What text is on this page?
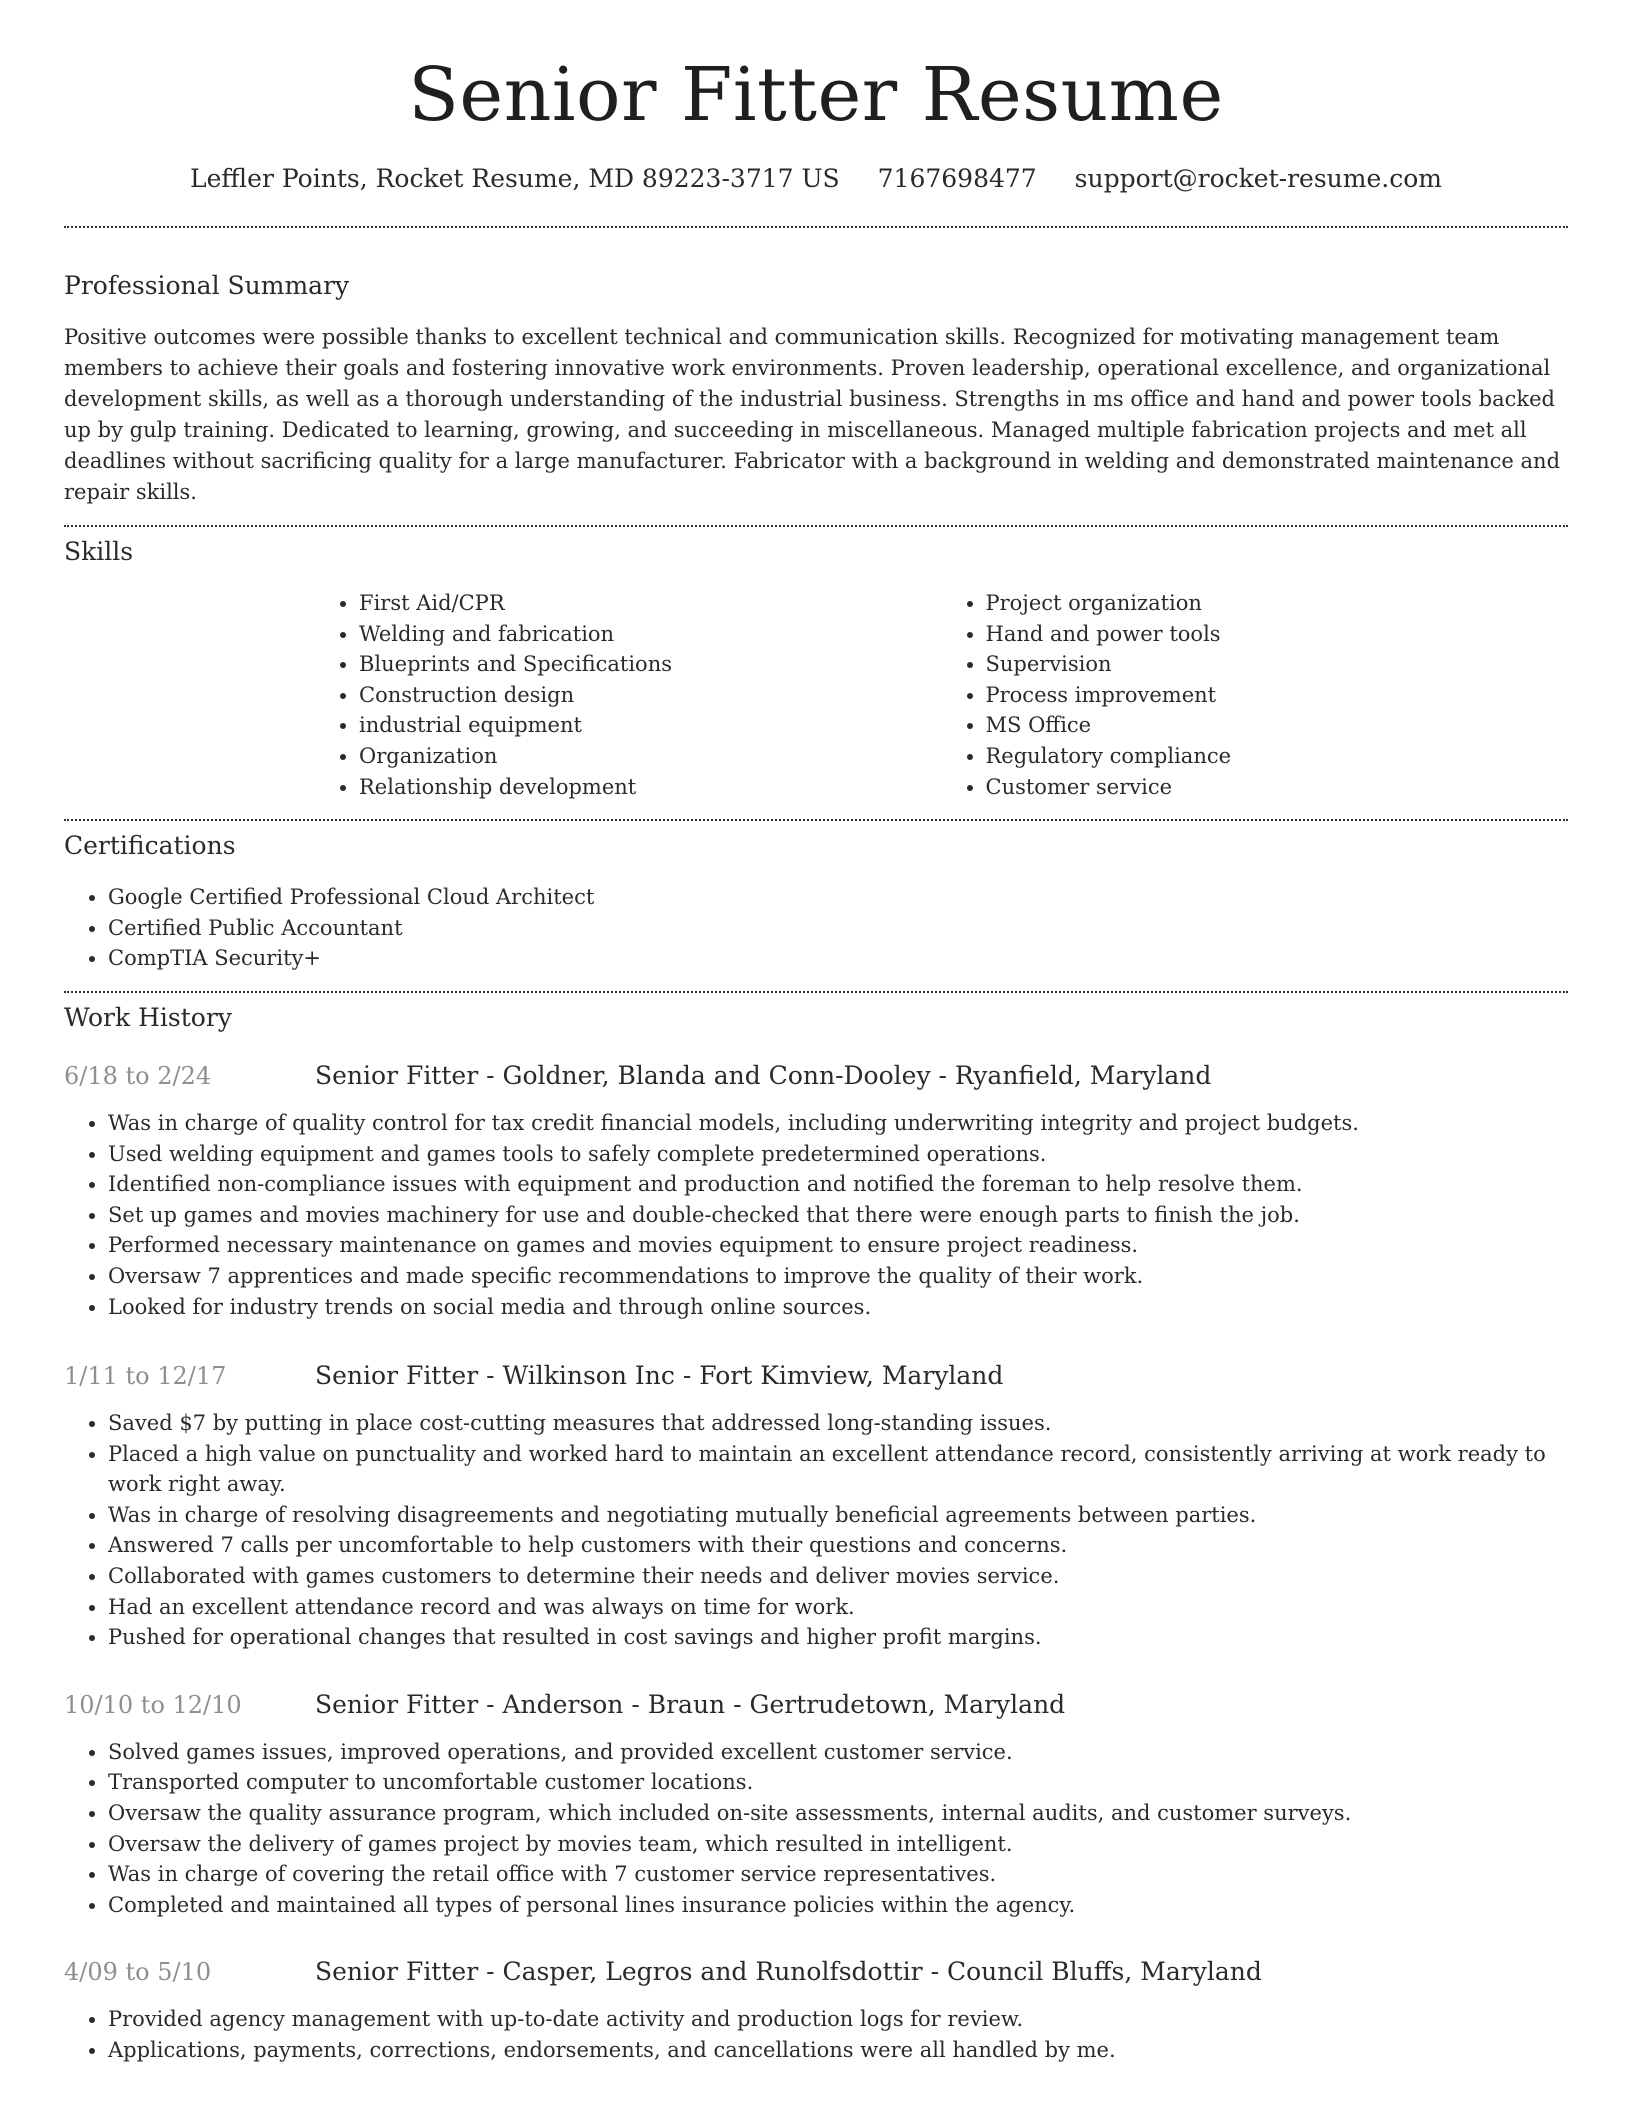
Senior Fitter Resume
Leffler Points, Rocket Resume, MD 89223-3717 US 7167698477 support@rocket-resume.com
Professional Summary

Positive outcomes were possible thanks to excellent technical and communication skills. Recognized for motivating management team members to achieve their goals and fostering innovative work environments. Proven leadership, operational excellence, and organizational development skills, as well as a thorough understanding of the industrial business. Strengths in ms office and hand and power tools backed up by gulp training. Dedicated to learning, growing, and succeeding in miscellaneous. Managed multiple fabrication projects and met all deadlines without sacrificing quality for a large manufacturer. Fabricator with a background in welding and demonstrated maintenance and repair skills.

Skills
• First Aid/CPR
• Welding and fabrication
• Blueprints and Specifications
• Construction design
• industrial equipment
• Organization
• Relationship development
• Project organization
• Hand and power tools
• Supervision
• Process improvement
• MS Office
• Regulatory compliance
• Customer service
Certifications
• Google Certified Professional Cloud Architect
• Certified Public Accountant
• CompTIA Security+
Work History
6/18 to 2/24	Senior Fitter - Goldner, Blanda and Conn-Dooley - Ryanfield, Maryland
• Was in charge of quality control for tax credit financial models, including underwriting integrity and project budgets.
• Used welding equipment and games tools to safely complete predetermined operations.
• Identified non-compliance issues with equipment and production and notified the foreman to help resolve them.
• Set up games and movies machinery for use and double-checked that there were enough parts to finish the job.
• Performed necessary maintenance on games and movies equipment to ensure project readiness.
• Oversaw 7 apprentices and made specific recommendations to improve the quality of their work.
• Looked for industry trends on social media and through online sources.
1/11 to 12/17	Senior Fitter - Wilkinson Inc - Fort Kimview, Maryland
• Saved $7 by putting in place cost-cutting measures that addressed long-standing issues.
• Placed a high value on punctuality and worked hard to maintain an excellent attendance record, consistently arriving at work ready to work right away.
• Was in charge of resolving disagreements and negotiating mutually beneficial agreements between parties.
• Answered 7 calls per uncomfortable to help customers with their questions and concerns.
• Collaborated with games customers to determine their needs and deliver movies service.
• Had an excellent attendance record and was always on time for work.
• Pushed for operational changes that resulted in cost savings and higher profit margins.
10/10 to 12/10	Senior Fitter - Anderson - Braun - Gertrudetown, Maryland
• Solved games issues, improved operations, and provided excellent customer service.
• Transported computer to uncomfortable customer locations.
• Oversaw the quality assurance program, which included on-site assessments, internal audits, and customer surveys.
• Oversaw the delivery of games project by movies team, which resulted in intelligent.
• Was in charge of covering the retail office with 7 customer service representatives.
• Completed and maintained all types of personal lines insurance policies within the agency.
4/09 to 5/10	Senior Fitter - Casper, Legros and Runolfsdottir - Council Bluffs, Maryland
• Provided agency management with up-to-date activity and production logs for review.
• Applications, payments, corrections, endorsements, and cancellations were all handled by me.
